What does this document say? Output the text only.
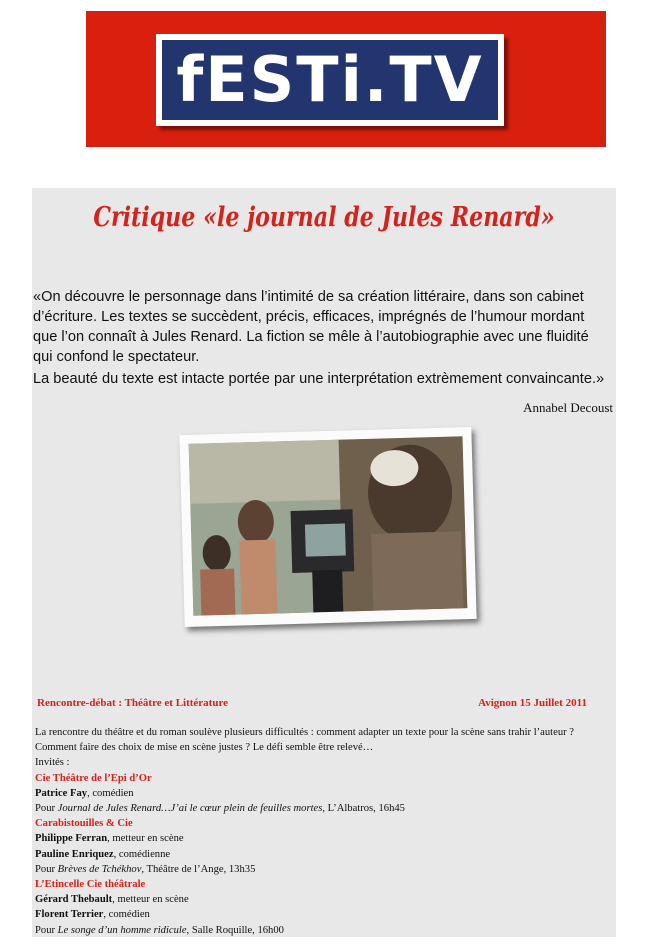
fESTi.TV
Critique «le journal de Jules Renard»

«On découvre le personnage dans l’intimité de sa création littéraire, dans son cabinet d’écriture. Les textes se succèdent, précis, efficaces, imprégnés de l’humour mordant que l’on connaît à Jules Renard. La fiction se mêle à l’autobiographie avec une fluidité qui confond le spectateur.

La beauté du texte est intacte portée par une interprétation extrèmement convaincante.»

Annabel Decoust
Rencontre-débat : Théâtre et Littérature	Avignon 15 Juillet 2011
La rencontre du théâtre et du roman soulève plusieurs difficultés : comment adapter un texte pour la scène sans trahir l’auteur ?
Comment faire des choix de mise en scène justes ? Le défi semble être relevé…
Invités :
Cie Théâtre de l’Epi d’Or
Patrice Fay, comédien
Pour Journal de Jules Renard…J’ai le cœur plein de feuilles mortes, L’Albatros, 16h45
Carabistouilles & Cie
Philippe Ferran, metteur en scène
Pauline Enriquez, comédienne
Pour Brèves de Tchékhov, Théâtre de l’Ange, 13h35
L’Etincelle Cie théâtrale
Gérard Thebault, metteur en scène
Florent Terrier, comédien
Pour Le songe d’un homme ridicule, Salle Roquille, 16h00
